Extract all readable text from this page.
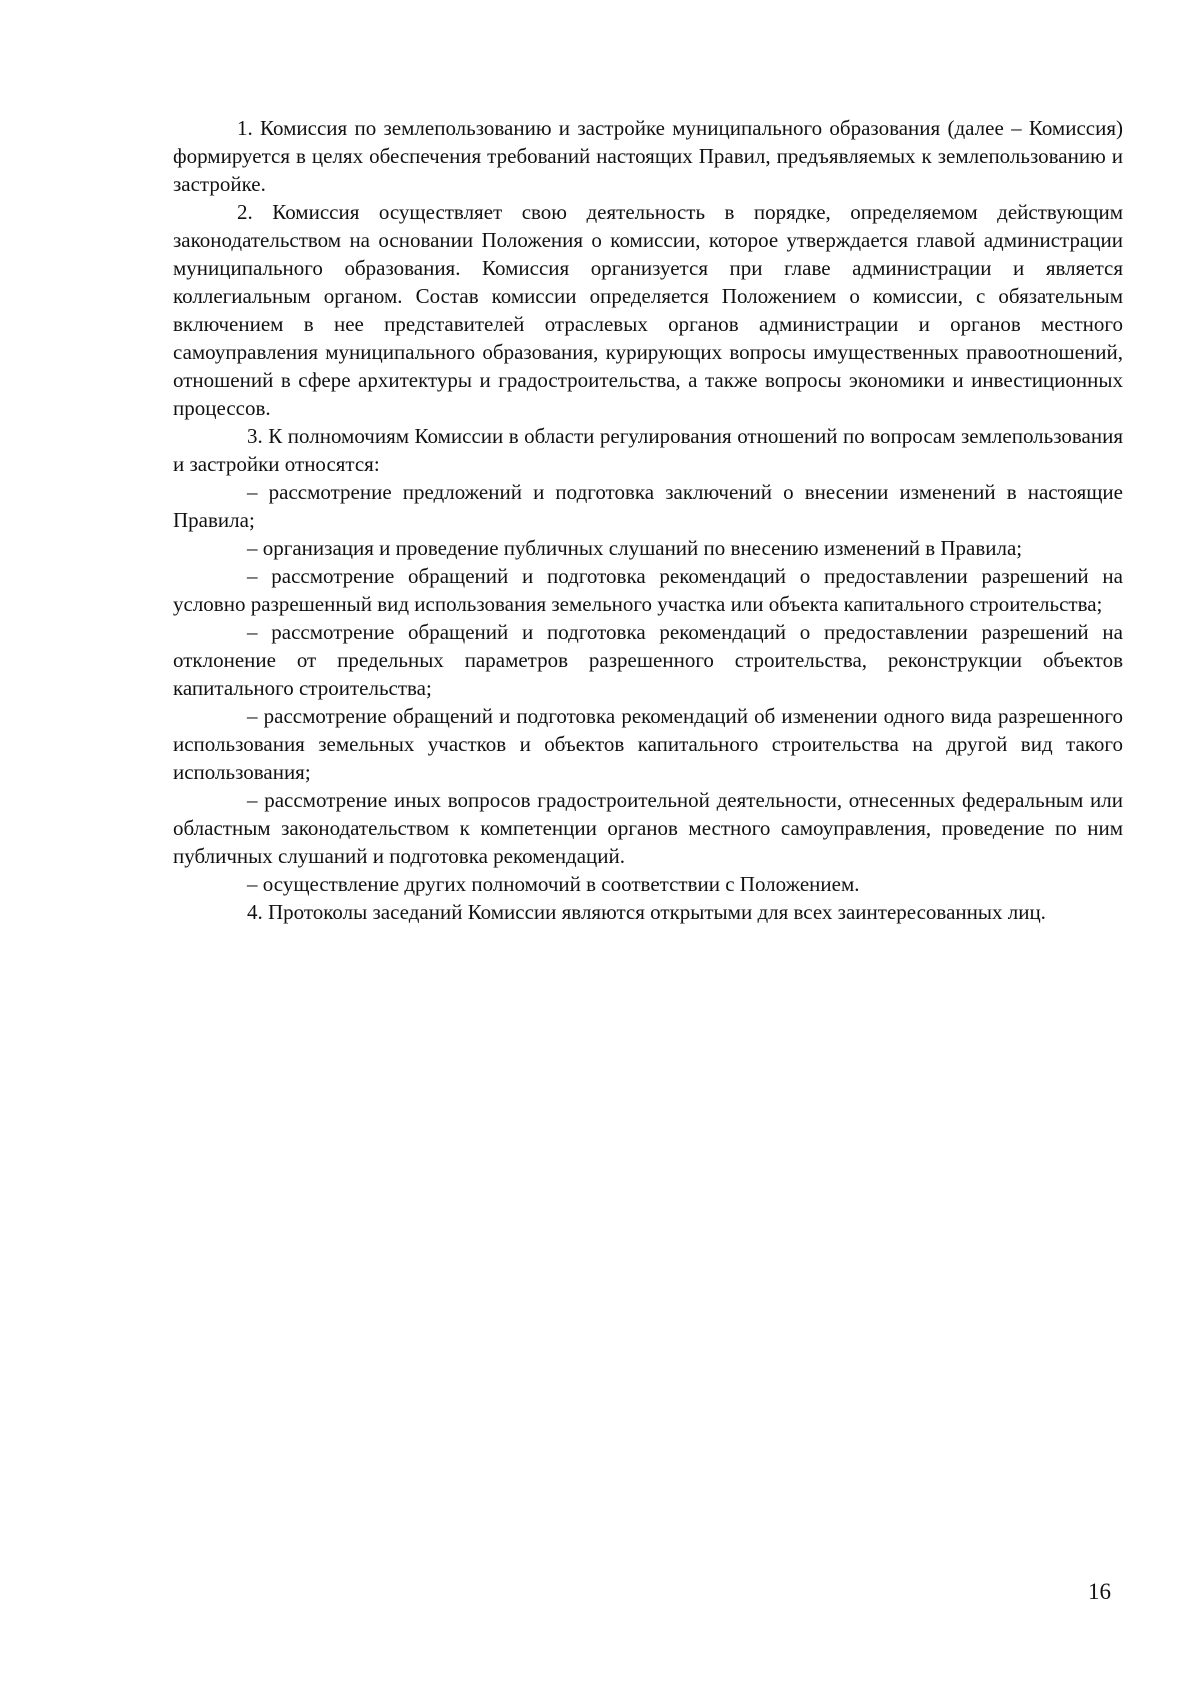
1. Комиссия по землепользованию и застройке муниципального образования (далее – Комиссия) формируется в целях обеспечения требований настоящих Правил, предъявляемых к землепользованию и застройке.

2. Комиссия осуществляет свою деятельность в порядке, определяемом действующим законодательством на основании Положения о комиссии, которое утверждается главой администрации муниципального образования. Комиссия организуется при главе администрации и является коллегиальным органом. Состав комиссии определяется Положением о комиссии, с обязательным включением в нее представителей отраслевых органов администрации и органов местного самоуправления муниципального образования, курирующих вопросы имущественных правоотношений, отношений в сфере архитектуры и градостроительства, а также вопросы экономики и инвестиционных процессов.

3. К полномочиям Комиссии в области регулирования отношений по вопросам землепользования и застройки относятся:

– рассмотрение предложений и подготовка заключений о внесении изменений в настоящие Правила;

– организация и проведение публичных слушаний по внесению изменений в Правила;

– рассмотрение обращений и подготовка рекомендаций о предоставлении разрешений на условно разрешенный вид использования земельного участка или объекта капитального строительства;

– рассмотрение обращений и подготовка рекомендаций о предоставлении разрешений на отклонение от предельных параметров разрешенного строительства, реконструкции объектов капитального строительства;

– рассмотрение обращений и подготовка рекомендаций об изменении одного вида разрешенного использования земельных участков и объектов капитального строительства на другой вид такого использования;

– рассмотрение иных вопросов градостроительной деятельности, отнесенных федеральным или областным законодательством к компетенции органов местного самоуправления, проведение по ним публичных слушаний и подготовка рекомендаций.

– осуществление других полномочий в соответствии с Положением.

4. Протоколы заседаний Комиссии являются открытыми для всех заинтересованных лиц.

16
